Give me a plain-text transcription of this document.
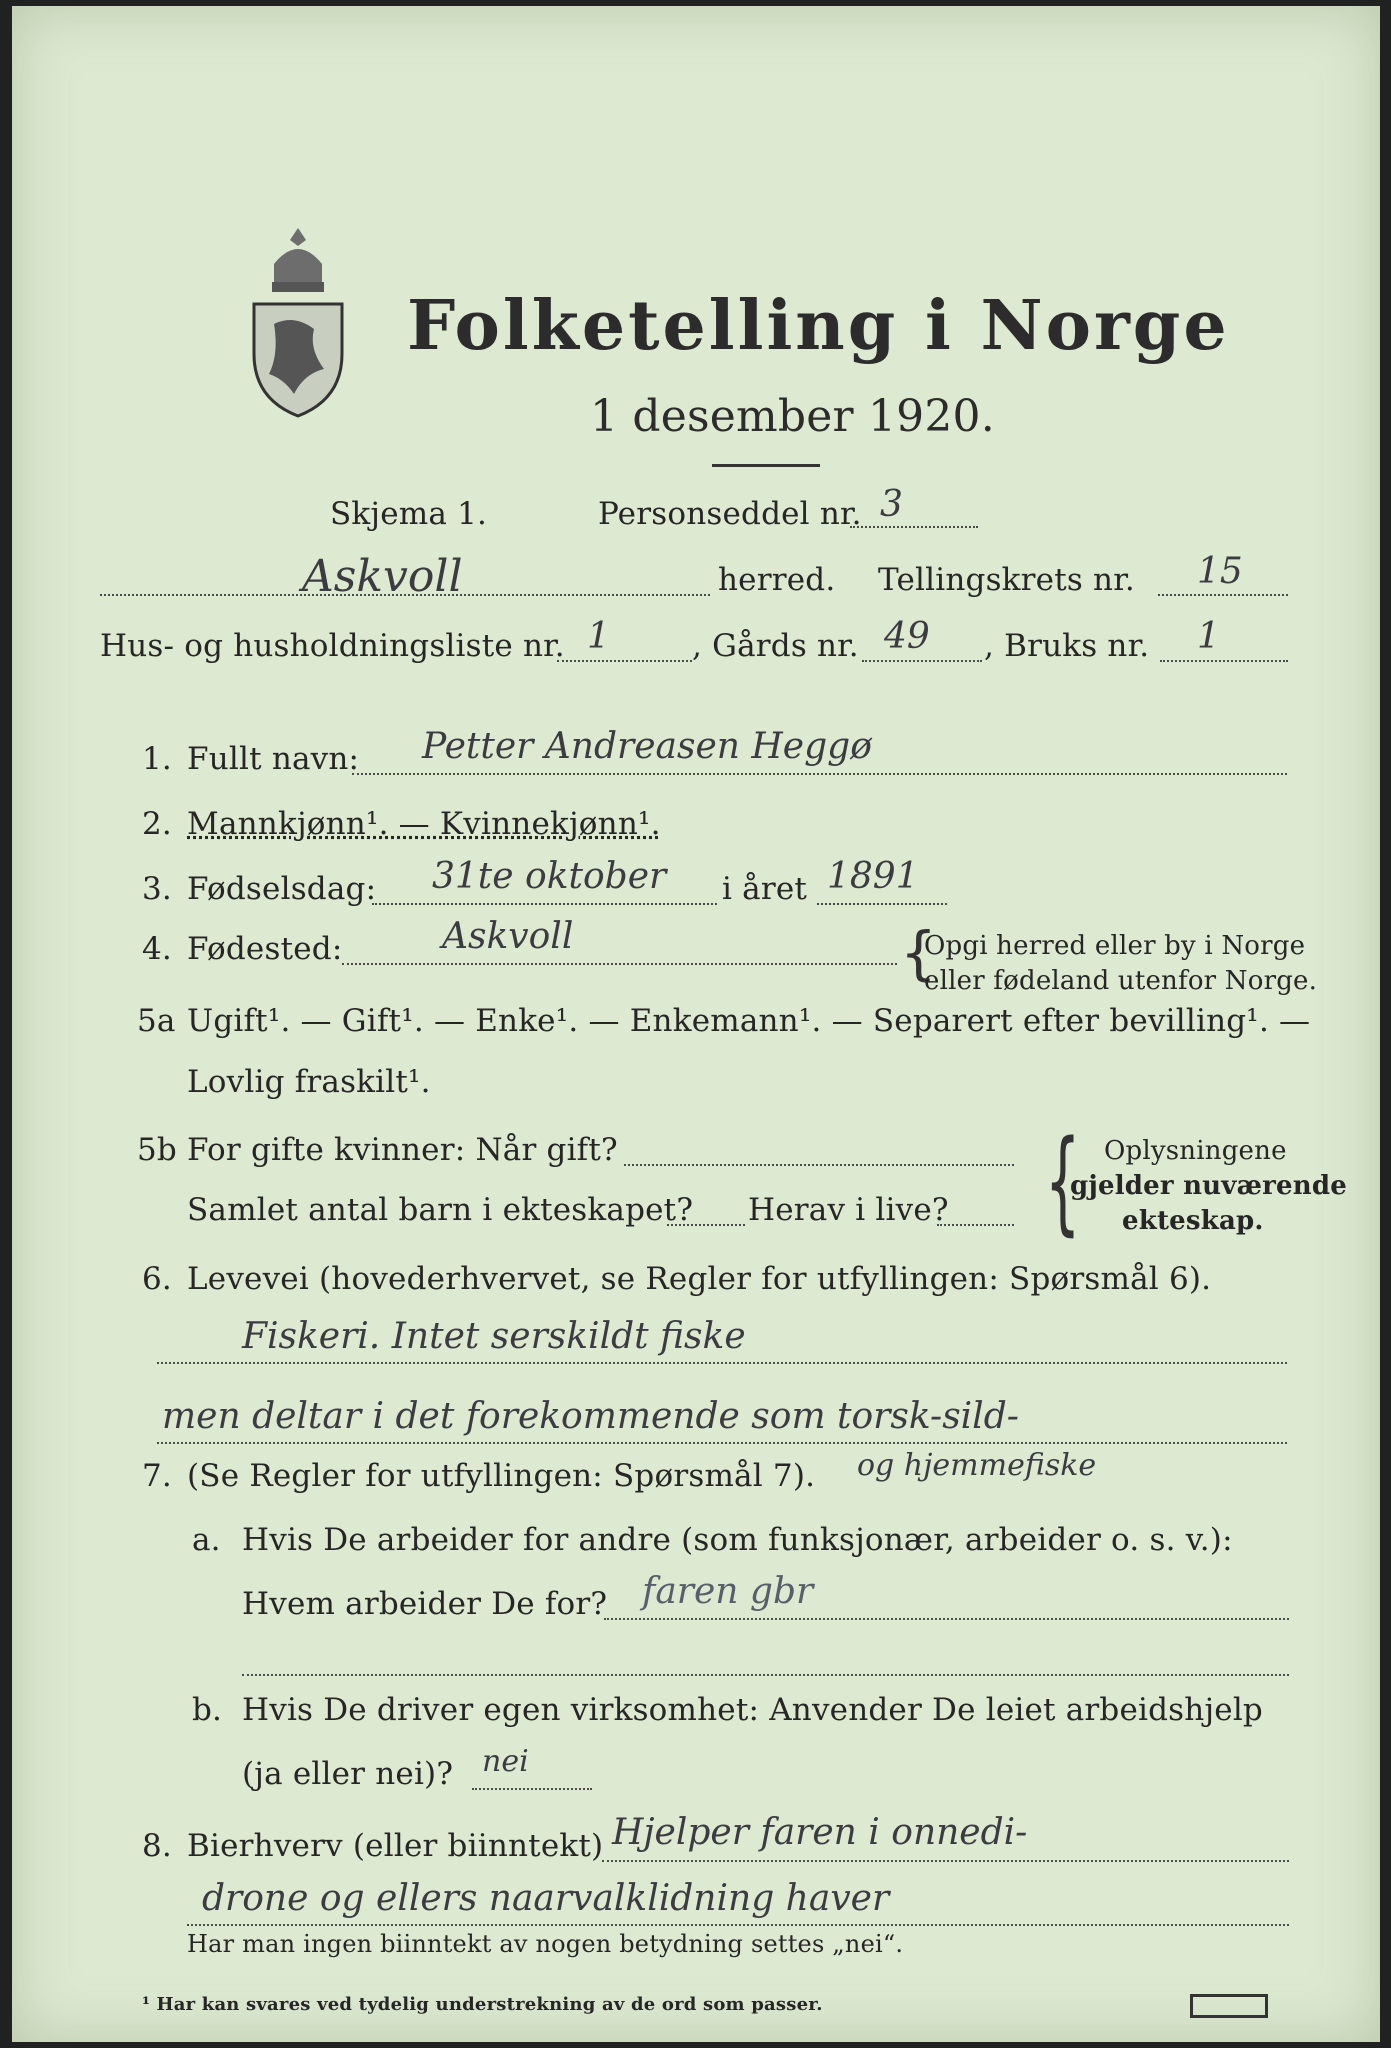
Folketelling i Norge
1 desember 1920.
Skjema 1.	Personseddel nr. 3
Askvoll	herred. Tellingskrets nr. 15
Hus- og husholdningsliste nr. 1	, Gårds nr. 49 , Bruks nr. 1
1. Fullt navn: Petter Andreasen Heggø
2. Mannkjønn¹. — Kvinnekjønn¹.
3. Fødselsdag: 31te oktober i året 1891
4. Fødested:	Askvoll	{
Opgi herred eller by i Norge
eller fødeland utenfor Norge.
5a Ugift¹. — Gift¹. — Enke¹. — Enkemann¹. — Separert efter bevilling¹. —
Lovlig fraskilt¹.
5b For gifte kvinner: Når gift?
Samlet antal barn i ekteskapet? Herav i live? { Oplysningene
gjelder nuværende
ekteskap.
6. Levevei (hovederhvervet, se Regler for utfyllingen: Spørsmål 6).
Fiskeri. Intet serskildt fiske
men deltar i det forekommende som torsk-sild-
7. (Se Regler for utfyllingen: Spørsmål 7). og hjemmefiske
a. Hvis De arbeider for andre (som funksjonær, arbeider o. s. v.):
Hvem arbeider De for? faren gbr
b. Hvis De driver egen virksomhet: Anvender De leiet arbeidshjelp
(ja eller nei)? nei
8. Bierhverv (eller biinntekt) Hjelper faren i onnedi-
drone og ellers naarvalklidning haver
Har man ingen biinntekt av nogen betydning settes „nei“.
¹ Har kan svares ved tydelig understrekning av de ord som passer.
